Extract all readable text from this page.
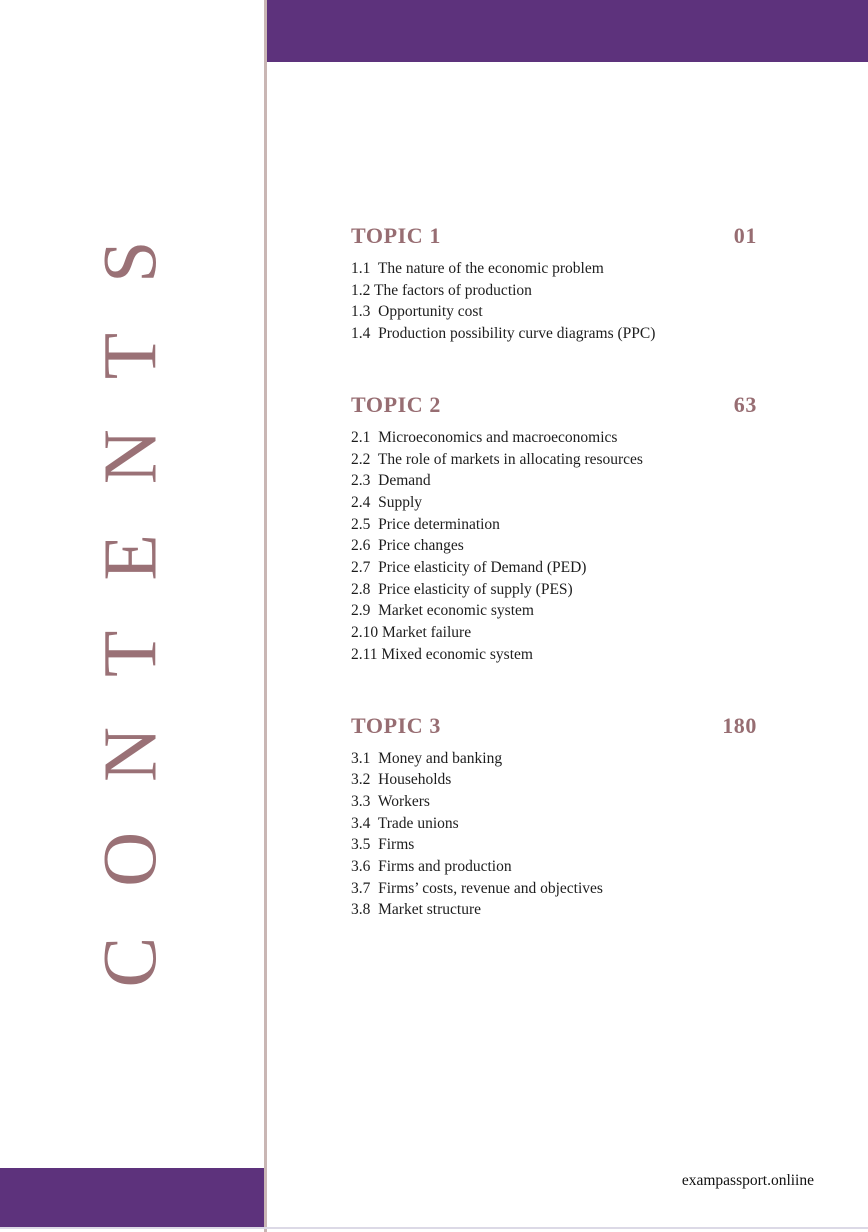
CONTENTS	TOPIC 1	01
1.1  The nature of the economic problem
1.2 The factors of production
1.3  Opportunity cost
1.4  Production possibility curve diagrams (PPC)
TOPIC 2	63
2.1  Microeconomics and macroeconomics
2.2  The role of markets in allocating resources
2.3  Demand
2.4  Supply
2.5  Price determination
2.6  Price changes
2.7  Price elasticity of Demand (PED)
2.8  Price elasticity of supply (PES)
2.9  Market economic system
2.10 Market failure
2.11 Mixed economic system
TOPIC 3	180
3.1  Money and banking
3.2  Households
3.3  Workers
3.4  Trade unions
3.5  Firms
3.6  Firms and production
3.7  Firms’ costs, revenue and objectives
3.8  Market structure
exampassport.onliine
